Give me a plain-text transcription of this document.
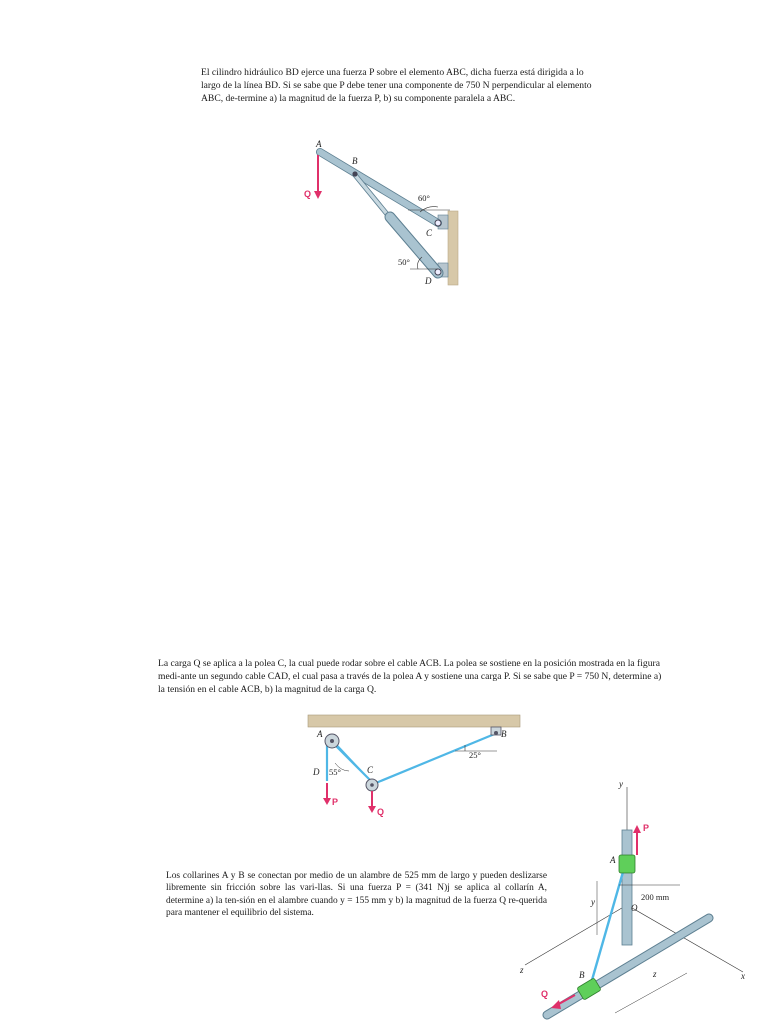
El cilindro hidráulico BD ejerce una fuerza P sobre el elemento ABC, dicha fuerza está dirigida a lo largo de la línea BD. Si se sabe que P debe tener una componente de 750 N perpendicular al elemento ABC, de-termine a) la magnitud de la fuerza P, b) su componente paralela a ABC.

A
B
C
D
Q	60°
50°

La carga Q se aplica a la polea C, la cual puede rodar sobre el cable ACB. La polea se sostiene en la posición mostrada en la figura medi-ante un segundo cable CAD, el cual pasa a través de la polea A y sostiene una carga P. Si se sabe que P = 750 N, determine a) la tensión en el cable ACB, b) la magnitud de la carga Q.

A	B
C
D
P
Q
55°
25°

Los collarines A y B se conectan por medio de un alambre de 525 mm de largo y pueden deslizarse libremente sin fricción sobre las vari-llas. Si una fuerza P = (341 N)j se aplica al collarín A, determine a) la ten-sión en el alambre cuando y = 155 mm y b) la magnitud de la fuerza Q re-querida para mantener el equilibrio del sistema.

y
z
x
A
B
O
P
Q
y
z
200 mm
